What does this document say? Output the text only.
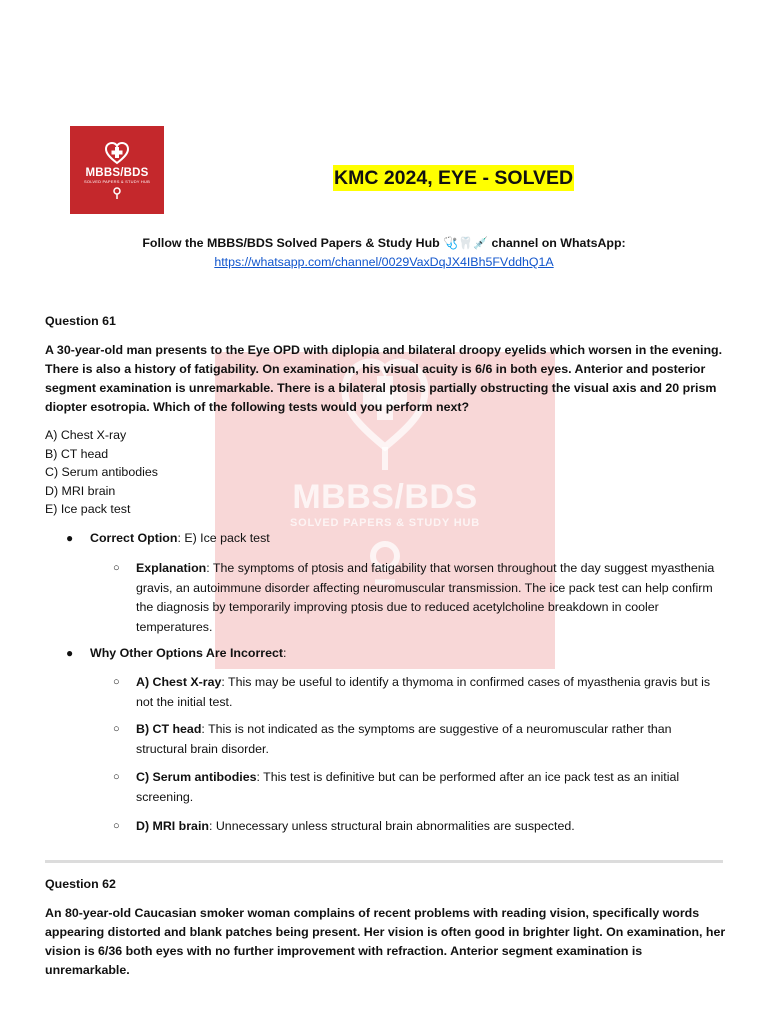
MBBS/BDS
SOLVED PAPERS & STUDY HUB
MBBS/BDS
SOLVED PAPERS & STUDY HUB	KMC 2024, EYE - SOLVED
Follow the MBBS/BDS Solved Papers & Study Hub 🩺🦷💉 channel on WhatsApp:
https://whatsapp.com/channel/0029VaxDqJX4IBh5FVddhQ1A
Question 61
A 30-year-old man presents to the Eye OPD with diplopia and bilateral droopy eyelids which worsen in the evening. There is also a history of fatigability. On examination, his visual acuity is 6/6 in both eyes. Anterior and posterior segment examination is unremarkable. There is a bilateral ptosis partially obstructing the visual axis and 20 prism diopter esotropia. Which of the following tests would you perform next?
A) Chest X-ray
B) CT head
C) Serum antibodies
D) MRI brain
E) Ice pack test
● Correct Option: E) Ice pack test
○ Explanation: The symptoms of ptosis and fatigability that worsen throughout the day suggest myasthenia gravis, an autoimmune disorder affecting neuromuscular transmission. The ice pack test can help confirm the diagnosis by temporarily improving ptosis due to reduced acetylcholine breakdown in cooler temperatures.
● Why Other Options Are Incorrect:
○ A) Chest X-ray: This may be useful to identify a thymoma in confirmed cases of myasthenia gravis but is not the initial test.
○ B) CT head: This is not indicated as the symptoms are suggestive of a neuromuscular rather than structural brain disorder.
○ C) Serum antibodies: This test is definitive but can be performed after an ice pack test as an initial screening.
○ D) MRI brain: Unnecessary unless structural brain abnormalities are suspected.
Question 62
An 80-year-old Caucasian smoker woman complains of recent problems with reading vision, specifically words appearing distorted and blank patches being present. Her vision is often good in brighter light. On examination, her vision is 6/36 both eyes with no further improvement with refraction. Anterior segment examination is unremarkable.
